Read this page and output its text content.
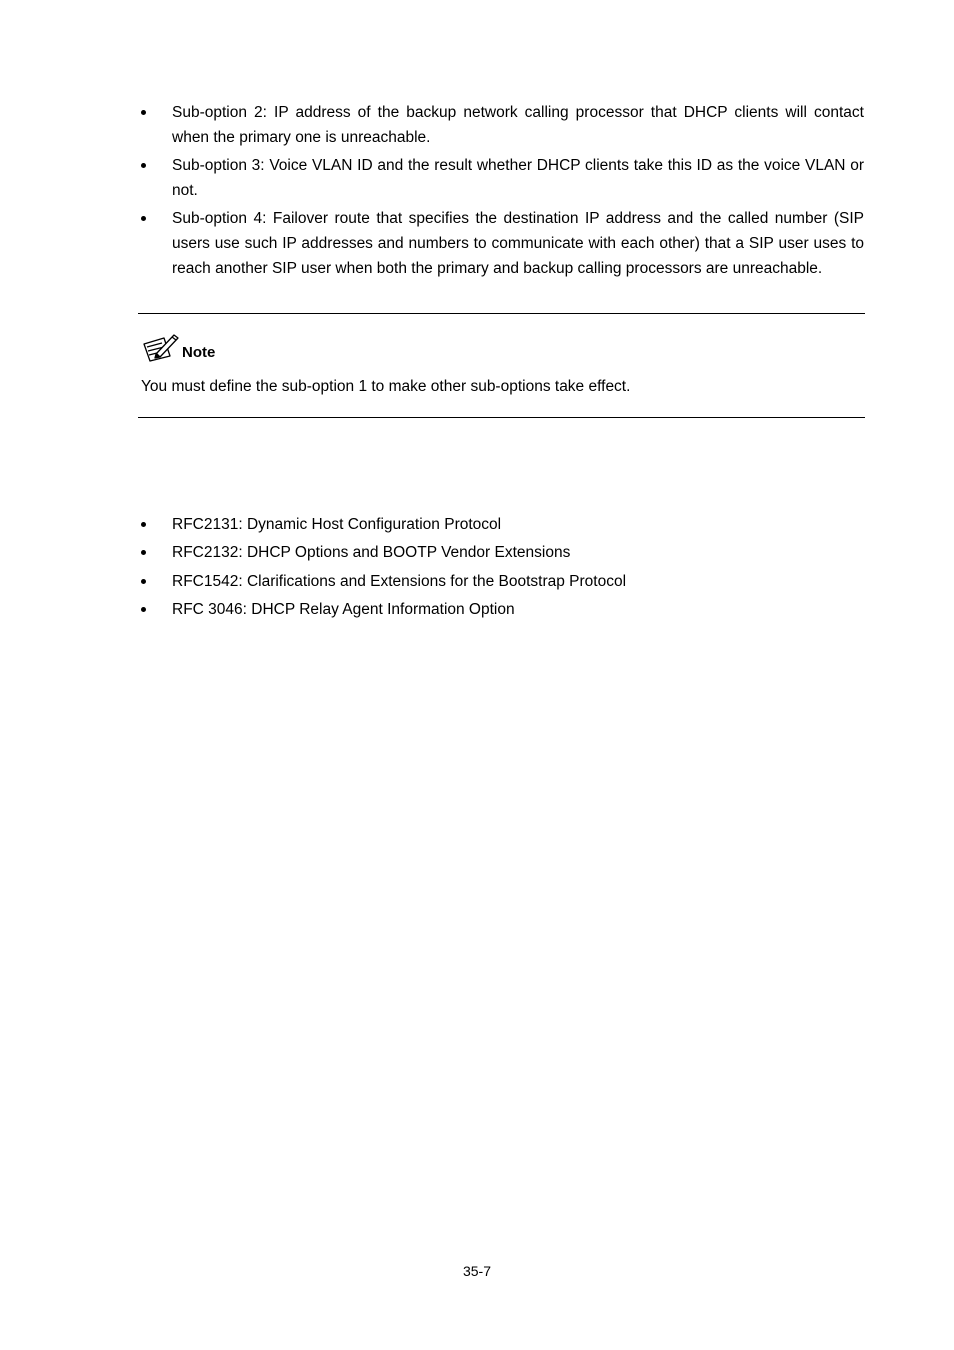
Sub-option 2: IP address of the backup network calling processor that DHCP clients will contact when the primary one is unreachable.
Sub-option 3: Voice VLAN ID and the result whether DHCP clients take this ID as the voice VLAN or not.
Sub-option 4: Failover route that specifies the destination IP address and the called number (SIP users use such IP addresses and numbers to communicate with each other) that a SIP user uses to reach another SIP user when both the primary and backup calling processors are unreachable.
Note
You must define the sub-option 1 to make other sub-options take effect.
RFC2131: Dynamic Host Configuration Protocol
RFC2132: DHCP Options and BOOTP Vendor Extensions
RFC1542: Clarifications and Extensions for the Bootstrap Protocol
RFC 3046: DHCP Relay Agent Information Option
35-7
